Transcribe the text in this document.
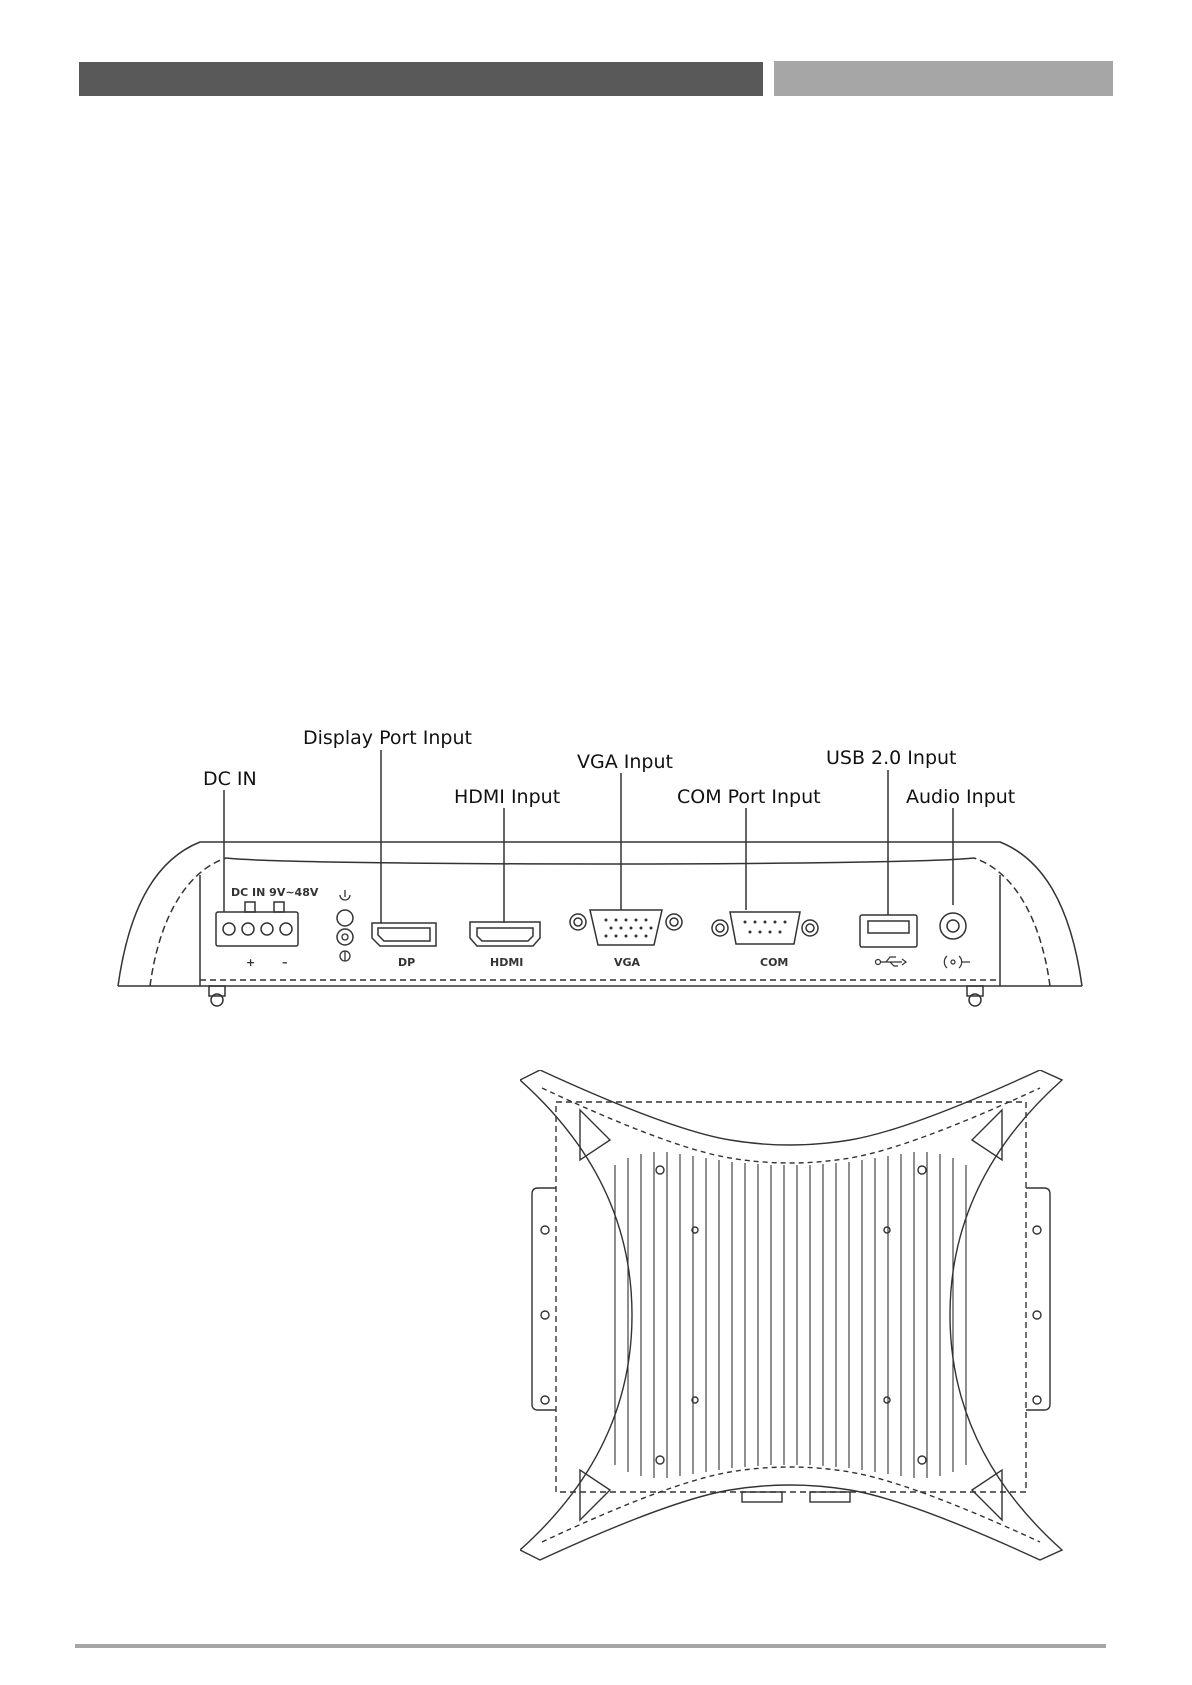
DC IN
Display Port Input
HDMI Input
VGA Input
COM Port Input
USB 2.0 Input
Audio Input
DC IN 9V~48V
+ –	DP	HDMI	VGA	COM
